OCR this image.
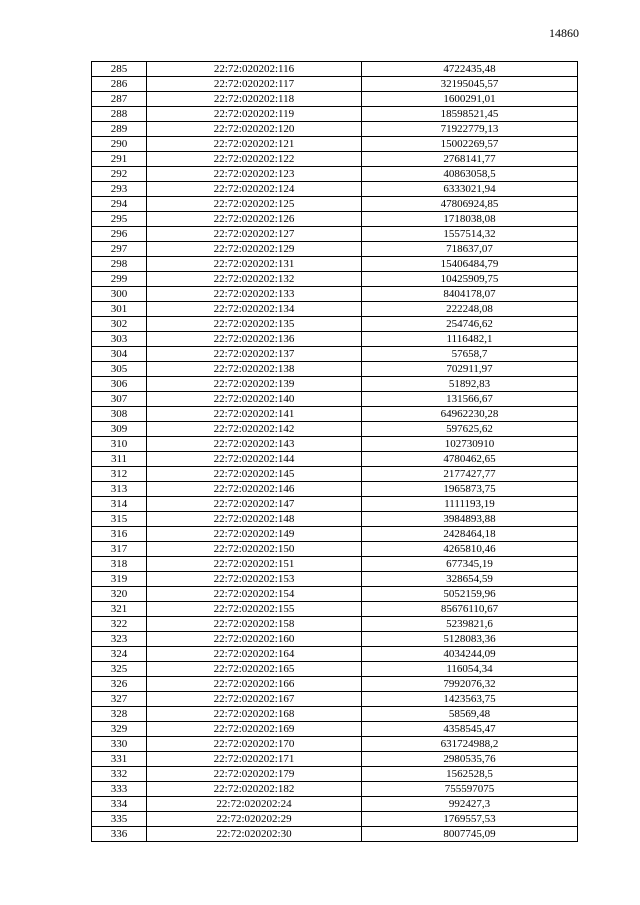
14860
285	22:72:020202:116	4722435,48
286	22:72:020202:117	32195045,57
287	22:72:020202:118	1600291,01
288	22:72:020202:119	18598521,45
289	22:72:020202:120	71922779,13
290	22:72:020202:121	15002269,57
291	22:72:020202:122	2768141,77
292	22:72:020202:123	40863058,5
293	22:72:020202:124	6333021,94
294	22:72:020202:125	47806924,85
295	22:72:020202:126	1718038,08
296	22:72:020202:127	1557514,32
297	22:72:020202:129	718637,07
298	22:72:020202:131	15406484,79
299	22:72:020202:132	10425909,75
300	22:72:020202:133	8404178,07
301	22:72:020202:134	222248,08
302	22:72:020202:135	254746,62
303	22:72:020202:136	1116482,1
304	22:72:020202:137	57658,7
305	22:72:020202:138	702911,97
306	22:72:020202:139	51892,83
307	22:72:020202:140	131566,67
308	22:72:020202:141	64962230,28
309	22:72:020202:142	597625,62
310	22:72:020202:143	102730910
311	22:72:020202:144	4780462,65
312	22:72:020202:145	2177427,77
313	22:72:020202:146	1965873,75
314	22:72:020202:147	1111193,19
315	22:72:020202:148	3984893,88
316	22:72:020202:149	2428464,18
317	22:72:020202:150	4265810,46
318	22:72:020202:151	677345,19
319	22:72:020202:153	328654,59
320	22:72:020202:154	5052159,96
321	22:72:020202:155	85676110,67
322	22:72:020202:158	5239821,6
323	22:72:020202:160	5128083,36
324	22:72:020202:164	4034244,09
325	22:72:020202:165	116054,34
326	22:72:020202:166	7992076,32
327	22:72:020202:167	1423563,75
328	22:72:020202:168	58569,48
329	22:72:020202:169	4358545,47
330	22:72:020202:170	631724988,2
331	22:72:020202:171	2980535,76
332	22:72:020202:179	1562528,5
333	22:72:020202:182	755597075
334	22:72:020202:24	992427,3
335	22:72:020202:29	1769557,53
336	22:72:020202:30	8007745,09
